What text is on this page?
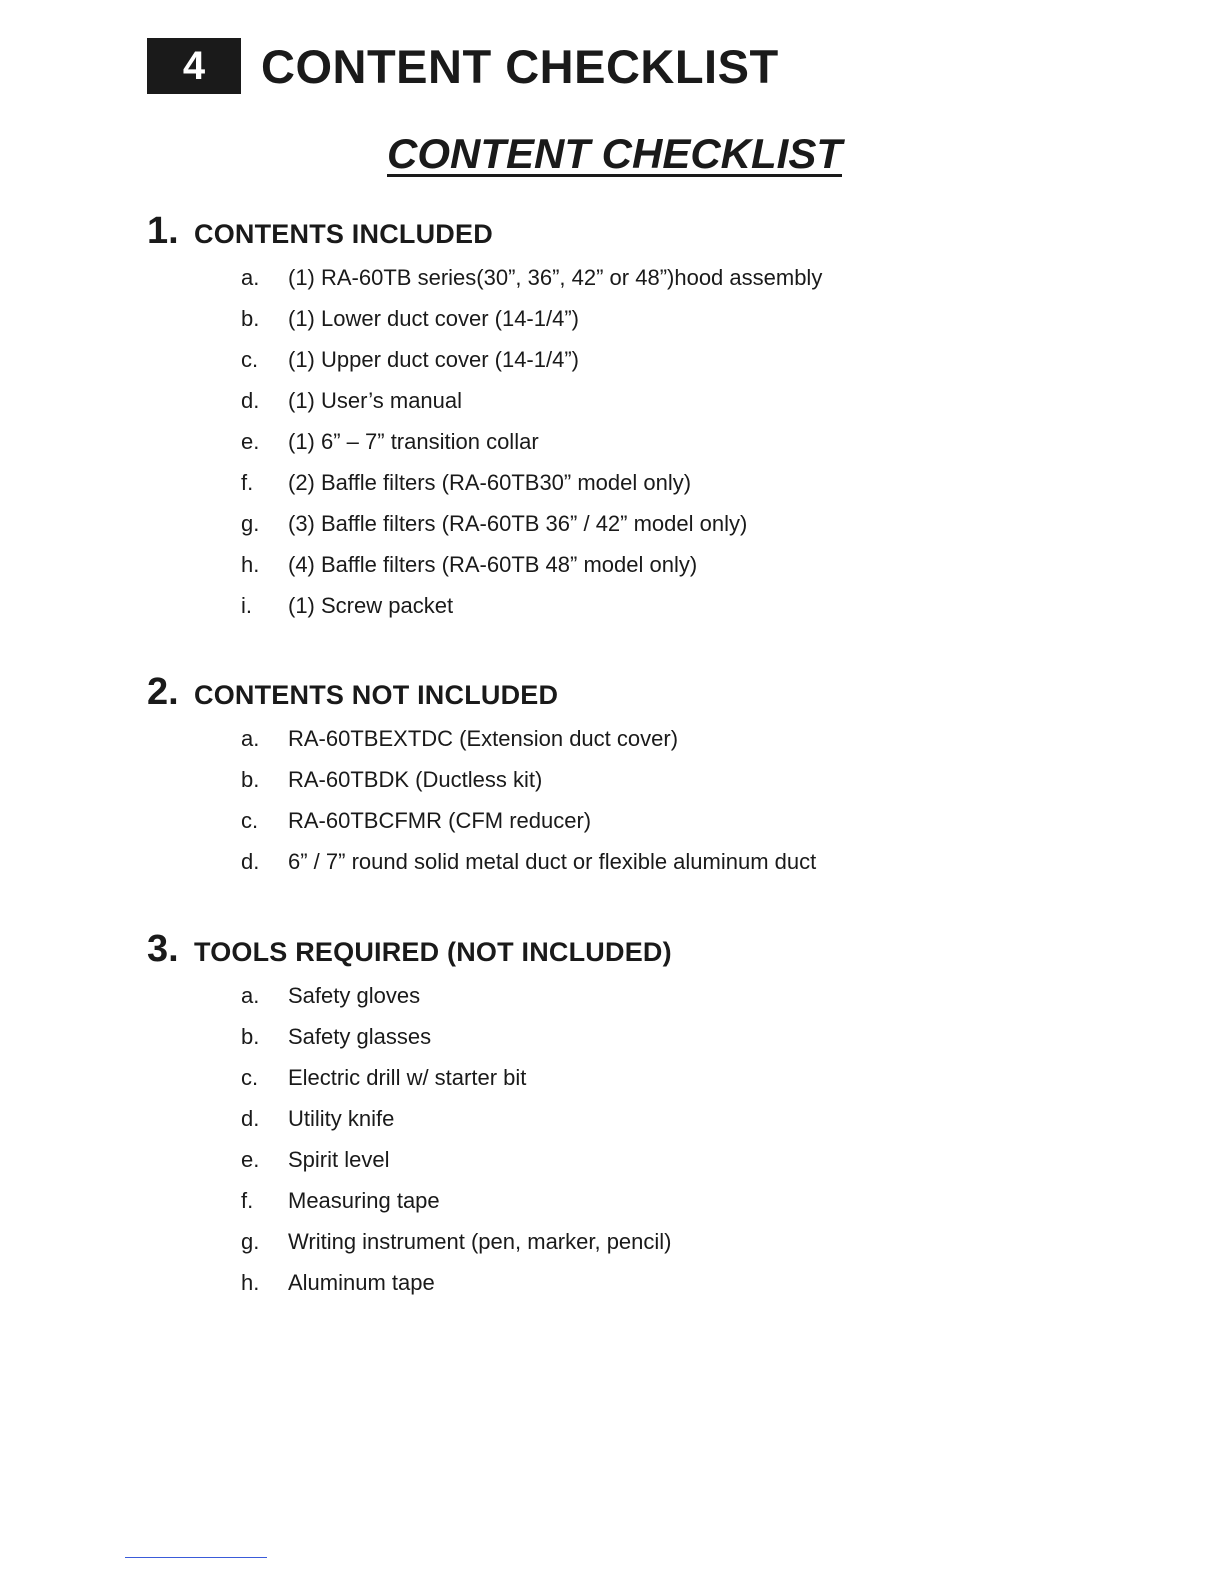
4 CONTENT CHECKLIST
CONTENT CHECKLIST
1. CONTENTS INCLUDED
a.	(1) RA-60TB series(30”, 36”, 42” or 48”)hood assembly
b.	(1) Lower duct cover (14-1/4”)
c.	(1) Upper duct cover (14-1/4”)
d.	(1) User’s manual
e.	(1) 6” – 7” transition collar
f.	(2) Baffle filters (RA-60TB30” model only)
g.	(3) Baffle filters (RA-60TB 36” / 42” model only)
h.	(4) Baffle filters (RA-60TB 48” model only)
i.	(1) Screw packet
2. CONTENTS NOT INCLUDED
a.	RA-60TBEXTDC (Extension duct cover)
b.	RA-60TBDK (Ductless kit)
c.	RA-60TBCFMR (CFM reducer)
d.	6” / 7” round solid metal duct or flexible aluminum duct
3. TOOLS REQUIRED (NOT INCLUDED)
a.	Safety gloves
b.	Safety glasses
c.	Electric drill w/ starter bit
d.	Utility knife
e.	Spirit level
f.	Measuring tape
g.	Writing instrument (pen, marker, pencil)
h.	Aluminum tape
